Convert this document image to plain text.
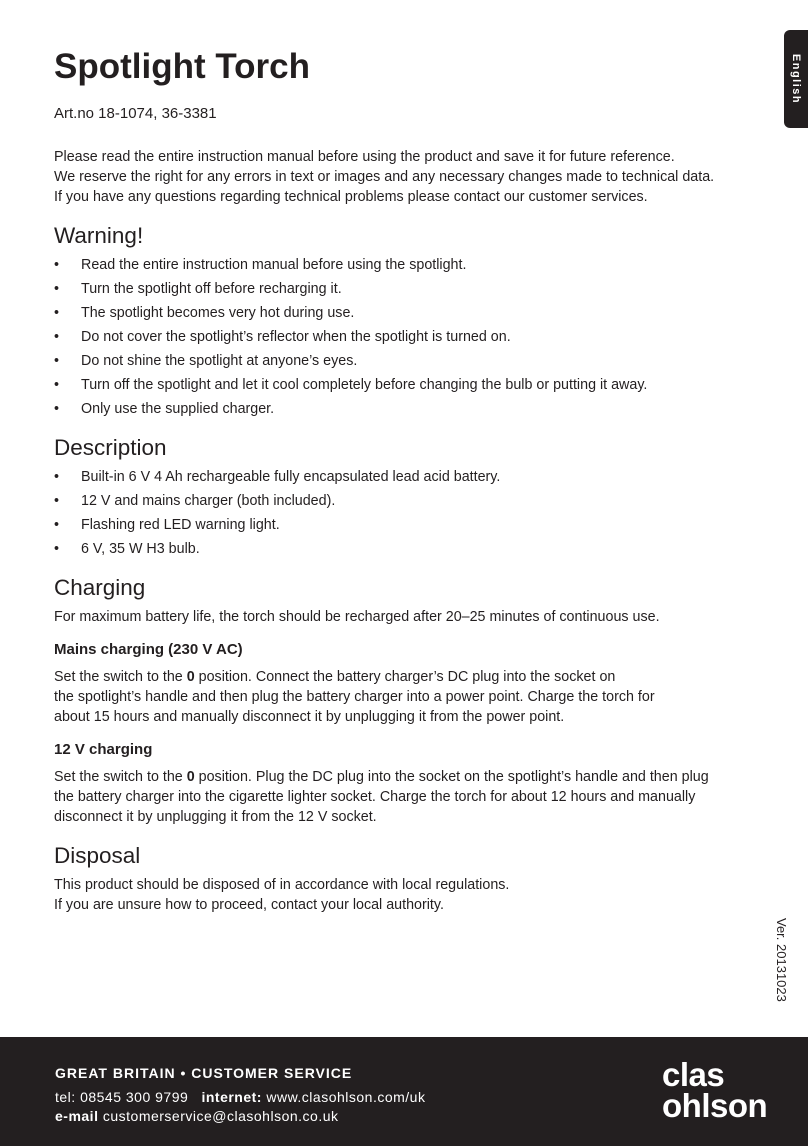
English
Spotlight Torch
Art.no 18-1074, 36-3381

Please read the entire instruction manual before using the product and save it for future reference.

We reserve the right for any errors in text or images and any necessary changes made to technical data.

If you have any questions regarding technical problems please contact our customer services.

Warning!
• Read the entire instruction manual before using the spotlight.
• Turn the spotlight off before recharging it.
• The spotlight becomes very hot during use.
• Do not cover the spotlight’s reflector when the spotlight is turned on.
• Do not shine the spotlight at anyone’s eyes.
• Turn off the spotlight and let it cool completely before changing the bulb or putting it away.
• Only use the supplied charger.
Description
• Built-in 6 V 4 Ah rechargeable fully encapsulated lead acid battery.
• 12 V and mains charger (both included).
• Flashing red LED warning light.
• 6 V, 35 W H3 bulb.
Charging

For maximum battery life, the torch should be recharged after 20–25 minutes of continuous use.

Mains charging (230 V AC)

Set the switch to the 0 position. Connect the battery charger’s DC plug into the socket on

the spotlight’s handle and then plug the battery charger into a power point. Charge the torch for

about 15 hours and manually disconnect it by unplugging it from the power point.

12 V charging

Set the switch to the 0 position. Plug the DC plug into the socket on the spotlight’s handle and then plug

the battery charger into the cigarette lighter socket. Charge the torch for about 12 hours and manually

disconnect it by unplugging it from the 12 V socket.

Disposal

This product should be disposed of in accordance with local regulations.

If you are unsure how to proceed, contact your local authority.

Ver. 20131023
GREAT BRITAIN • CUSTOMER SERVICE
tel: 08545 300 9799 internet: www.clasohlson.com/uk
e-mail customerservice@clasohlson.co.uk
clas
ohlson
